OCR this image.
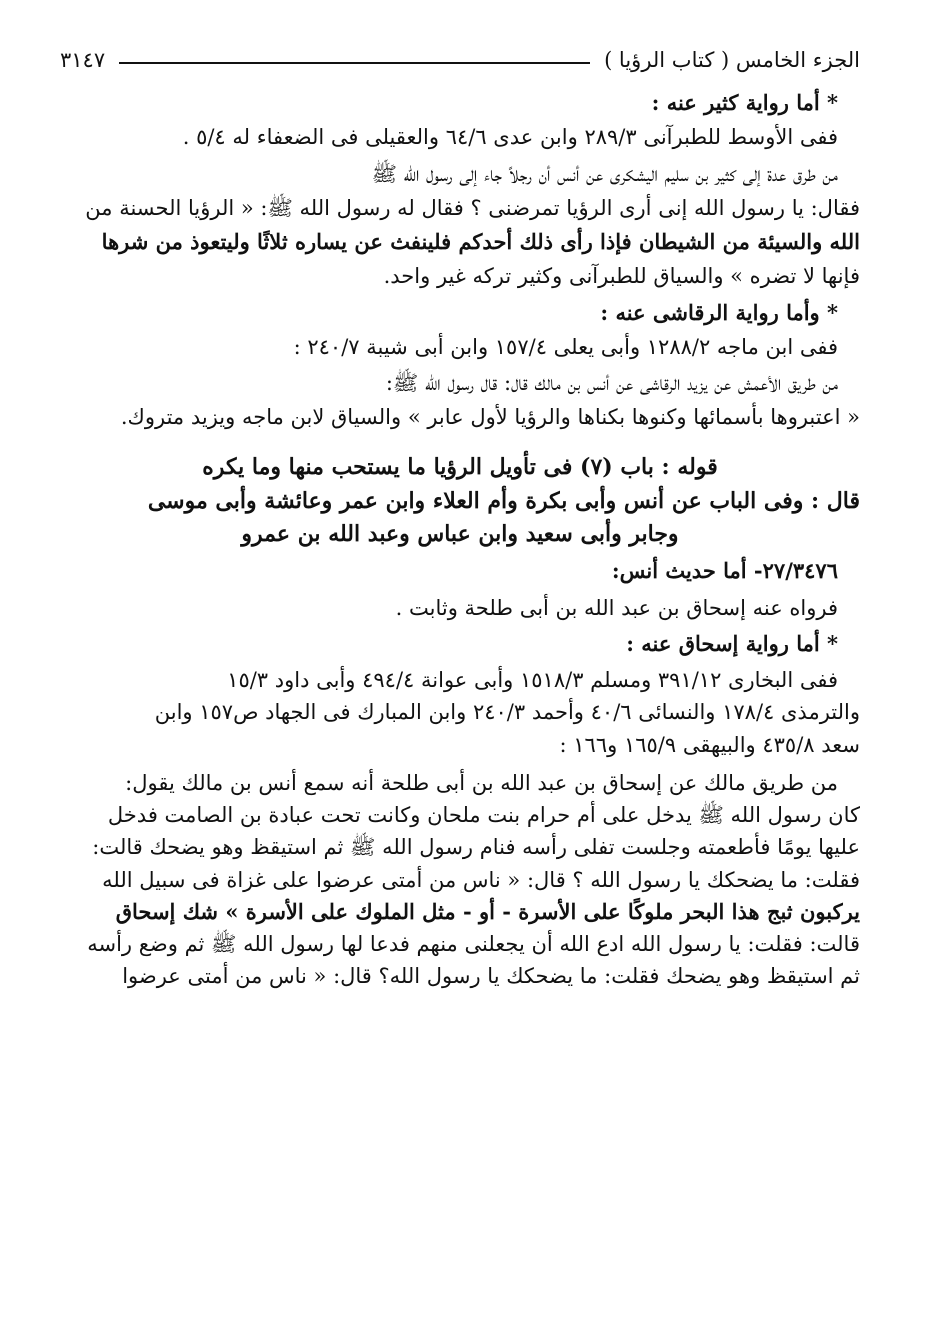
الجزء الخامس ( كتاب الرؤيا )
٣١٤٧
* أما رواية كثير عنه :
ففى الأوسط للطبرآنى ٢٨٩/٣ وابن عدى ٦٤/٦ والعقيلى فى الضعفاء له ٥/٤ .
من طرق عدة إلى كثير بن سليم اليشكرى عن أنس أن رجلاً جاء إلى رسول الله ﷺ
فقال: يا رسول الله إنى أرى الرؤيا تمرضنى ؟ فقال له رسول الله ﷺ: « الرؤيا الحسنة من
الله والسيئة من الشيطان فإذا رأى ذلك أحدكم فلينفث عن يساره ثلاثًا وليتعوذ من شرها
فإنها لا تضره » والسياق للطبرآنى وكثير تركه غير واحد.
* وأما رواية الرقاشى عنه :
ففى ابن ماجه ١٢٨٨/٢ وأبى يعلى ١٥٧/٤ وابن أبى شيبة ٢٤٠/٧ :
من طريق الأعمش عن يزيد الرقاشى عن أنس بن مالك قال: قال رسول الله ﷺ:
« اعتبروها بأسمائها وكنوها بكناها والرؤيا لأول عابر » والسياق لابن ماجه ويزيد متروك.
قوله : باب (٧) فى تأويل الرؤيا ما يستحب منها وما يكره
قال : وفى الباب عن أنس وأبى بكرة وأم العلاء وابن عمر وعائشة وأبى موسى
وجابر وأبى سعيد وابن عباس وعبد الله بن عمرو
٢٧/٣٤٧٦- أما حديث أنس:
فرواه عنه إسحاق بن عبد الله بن أبى طلحة وثابت .
* أما رواية إسحاق عنه :
ففى البخارى ٣٩١/١٢ ومسلم ١٥١٨/٣ وأبى عوانة ٤٩٤/٤ وأبى داود ١٥/٣
والترمذى ١٧٨/٤ والنسائى ٤٠/٦ وأحمد ٢٤٠/٣ وابن المبارك فى الجهاد ص١٥٧ وابن
سعد ٤٣٥/٨ والبيهقى ١٦٥/٩ و١٦٦ :
من طريق مالك عن إسحاق بن عبد الله بن أبى طلحة أنه سمع أنس بن مالك يقول:
كان رسول الله ﷺ يدخل على أم حرام بنت ملحان وكانت تحت عبادة بن الصامت فدخل
عليها يومًا فأطعمته وجلست تفلى رأسه فنام رسول الله ﷺ ثم استيقظ وهو يضحك قالت:
فقلت: ما يضحكك يا رسول الله ؟ قال: « ناس من أمتى عرضوا على غزاة فى سبيل الله
يركبون ثبج هذا البحر ملوكًا على الأسرة - أو - مثل الملوك على الأسرة » شك إسحاق
قالت: فقلت: يا رسول الله ادع الله أن يجعلنى منهم فدعا لها رسول الله ﷺ ثم وضع رأسه
ثم استيقظ وهو يضحك فقلت: ما يضحكك يا رسول الله؟ قال: « ناس من أمتى عرضوا
